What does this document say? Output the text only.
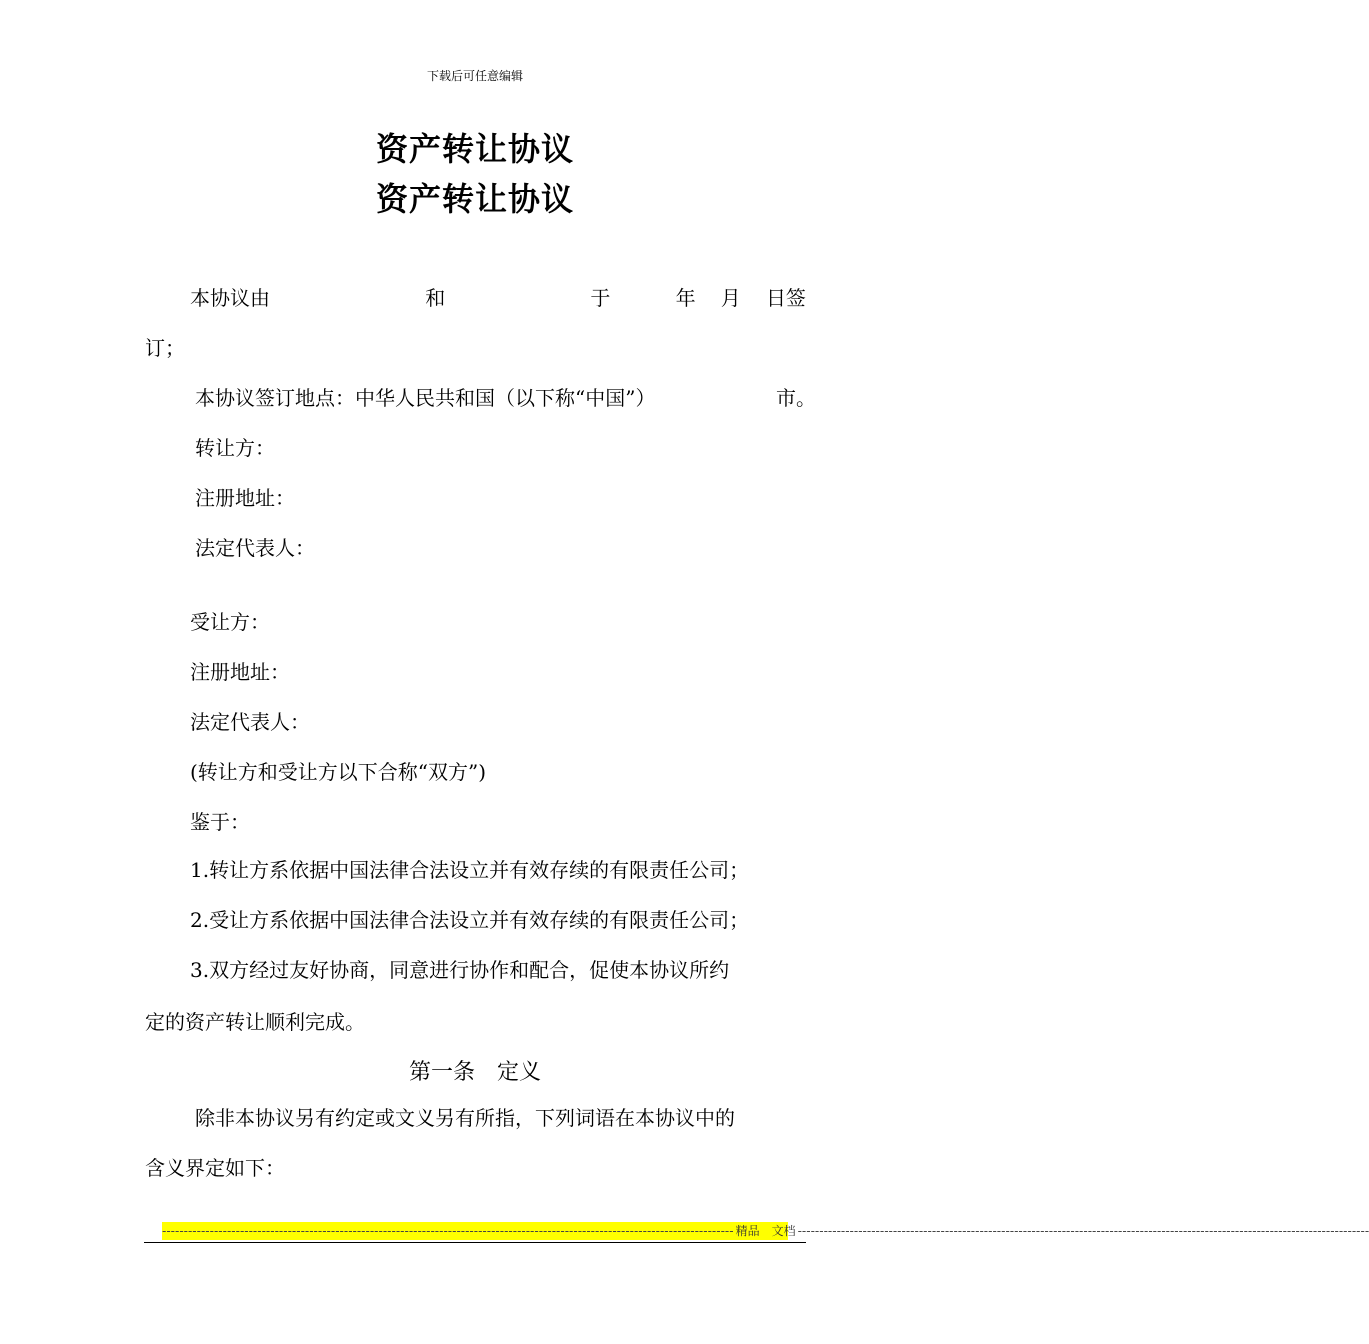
下载后可任意编辑
资产转让协议
资产转让协议
本协议由	和	于	年 月 日签
订；
本协议签订地点：中华人民共和国（以下称“中国”）	市。
转让方：
注册地址：
法定代表人：
受让方：
注册地址：
法定代表人：
(转让方和受让方以下合称“双方”)
鉴于：
1.转让方系依据中国法律合法设立并有效存续的有限责任公司；
2.受让方系依据中国法律合法设立并有效存续的有限责任公司；
3.双方经过友好协商，同意进行协作和配合，促使本协议所约
定的资产转让顺利完成。
第一条　定义
除非本协议另有约定或文义另有所指，下列词语在本协议中的
含义界定如下：
------------------------------------------------------------------------------------------------------------------------------------ 精品　文档 ------------------------------------------------------------------------------------------------------------------------------------
